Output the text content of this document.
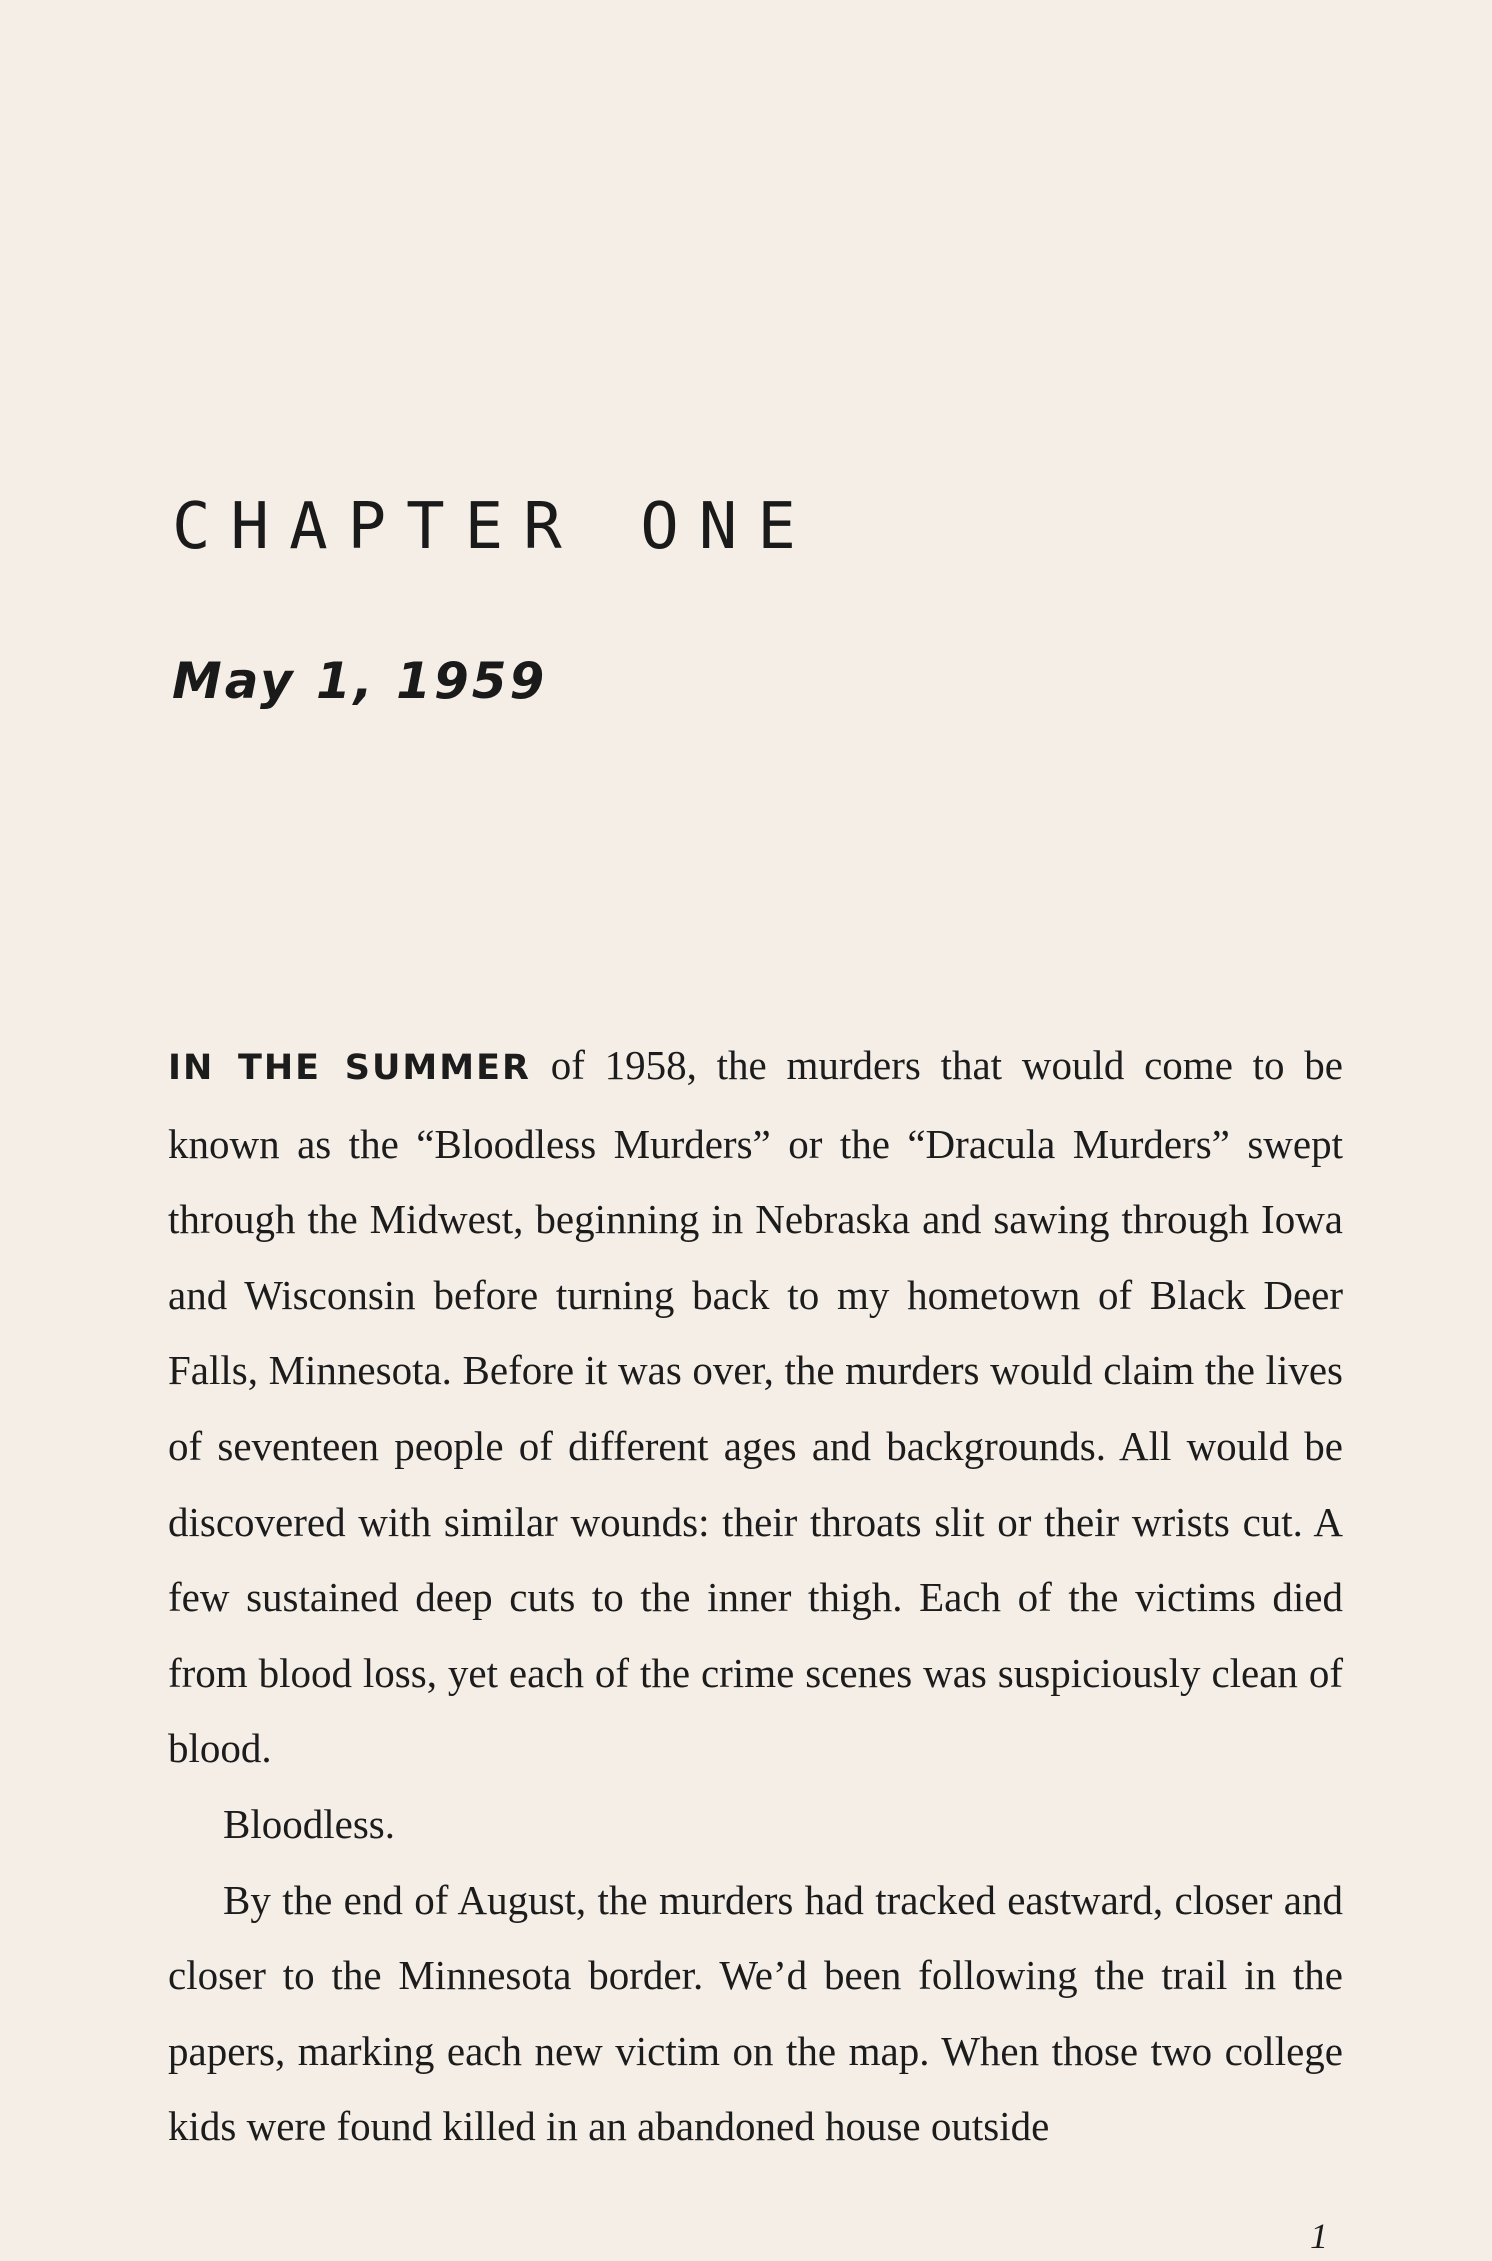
CHAPTER ONE
May 1, 1959

IN THE SUMMER of 1958, the murders that would come to be known as the “Bloodless Murders” or the “Dracula Murders” swept through the Midwest, beginning in Nebraska and sawing through Iowa and Wisconsin before turning back to my hometown of Black Deer Falls, Minnesota. Before it was over, the murders would claim the lives of seventeen people of different ages and backgrounds. All would be discovered with similar wounds: their throats slit or their wrists cut. A few sustained deep cuts to the inner thigh. Each of the victims died from blood loss, yet each of the crime scenes was suspiciously clean of blood.

Bloodless.

By the end of August, the murders had tracked eastward, closer and closer to the Minnesota border. We’d been following the trail in the papers, marking each new victim on the map. When those two college kids were found killed in an abandoned house outside

1
